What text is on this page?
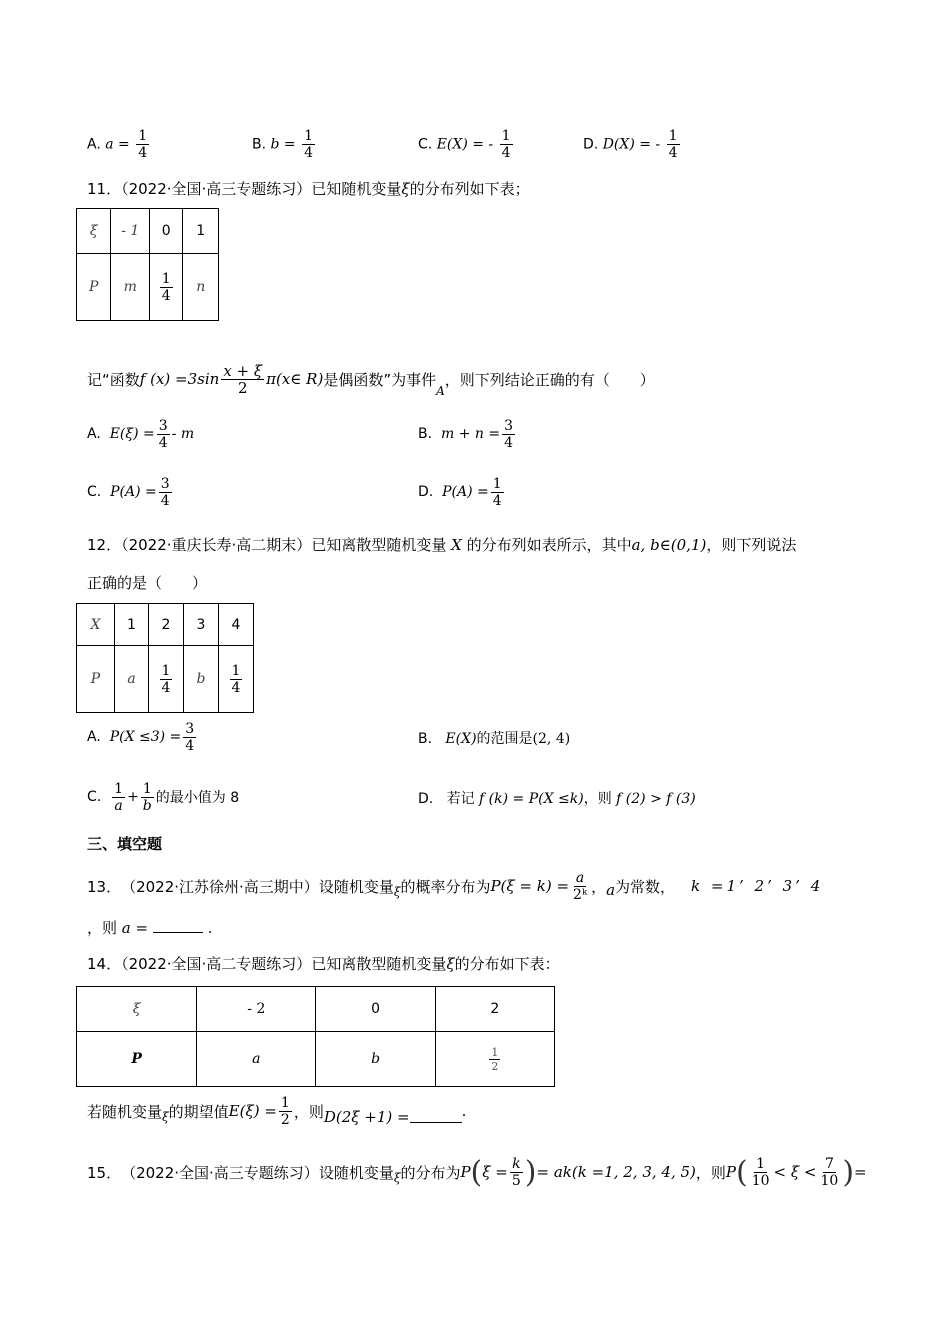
A. $a = \frac{1}{4}$	B. $b = \frac{1}{4}$	C. E(X) = - $\frac{1}{4}$	D. D(X) = - $\frac{1}{4}$
11．（2022·全国·高三专题练习）已知随机变量ξ的分布列如下表；
ξ	- 1	0	1
P	m	$\frac{1}{4}$	n
记“函数 f $(x) =3\sin \frac{x + \xi}{2}$ π(x∈ R) 是偶函数”为事件
A
，则下列结论正确的有（　　）
A.
$E(\xi) = \frac{3}{4} - m$	B.
$m + n = \frac{3}{4}$
C.
$P(A) = \frac{3}{4}$	D.
$P(A) = \frac{1}{4}$
12．（2022·重庆长寿·高二期末）已知离散型随机变量 X 的分布列如表所示，其中a, b∈(0,1)，则下列说法
正确的是（　　）
X	1	2	3	4
P	a	$\frac{1}{4}$	b	$\frac{1}{4}$
A.
$P(X \le 3) = \frac{3}{4}$	B. E(X)的范围是(2, 4)
C.
$\frac{1}{a} + \frac{1}{b}$ 的最小值为 8	D. 若记 f (k) = P(X ≤k)，则 f (2) > f (3)
三、填空题
13． （2022·江苏徐州·高三期中） 设随机变量 ξ 的概率分布为 $P(\xi = k) = \frac{a}{\text{2ᵏ}}$ ， a 为常数， k =1’ 2’ 3’ 4
，则 a =	.
14．（2022·全国·高二专题练习）已知离散型随机变量ξ的分布如下表：
ξ	- 2	0	2
P	a	b	$\frac{1}{2}$
若随机变量 ξ 的期望值 $E(\xi) = \frac{1}{2}$ ，则 D(2ξ +1) =	.
15． （2022·全国·高三专题练习） 设随机变量 ξ 的分布为 P ( $\xi = \frac{k}{5}$ ) = ak(k =1, 2, 3, 4, 5) ，则 P ( $\frac{1}{10} < \xi < \frac{7}{10}$ ) =
